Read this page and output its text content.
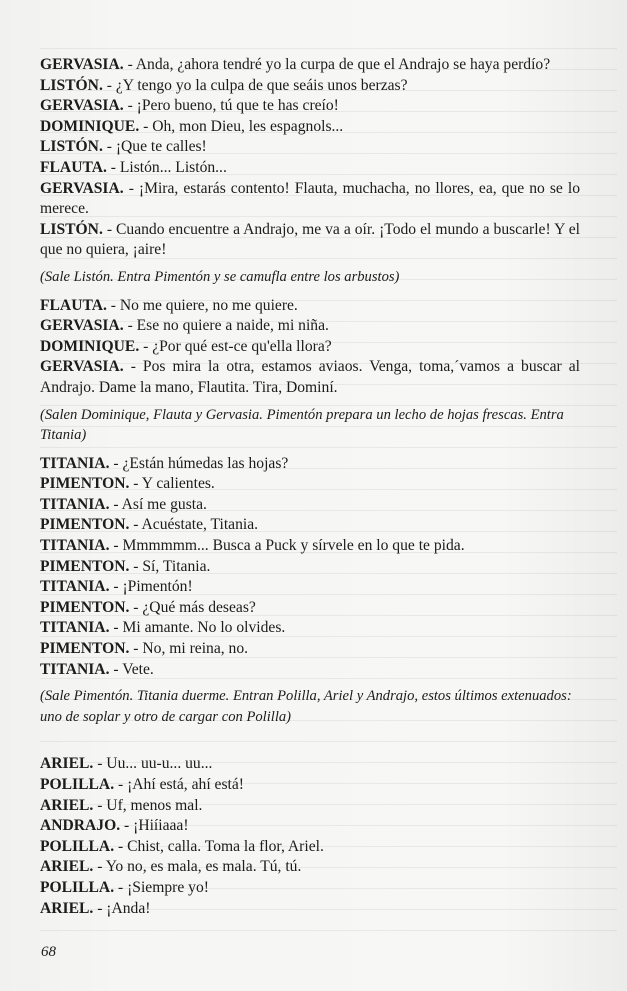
GERVASIA. - Anda, ¿ahora tendré yo la curpa de que el Andrajo se haya perdío?

LISTÓN. - ¿Y tengo yo la culpa de que seáis unos berzas?

GERVASIA. - ¡Pero bueno, tú que te has creío!

DOMINIQUE. - Oh, mon Dieu, les espagnols...

LISTÓN. - ¡Que te calles!

FLAUTA. - Listón... Listón...

GERVASIA. - ¡Mira, estarás contento! Flauta, muchacha, no llores, ea, que no se lo merece.

LISTÓN. - Cuando encuentre a Andrajo, me va a oír. ¡Todo el mundo a buscarle! Y el que no quiera, ¡aire!

(Sale Listón. Entra Pimentón y se camufla entre los arbustos)

FLAUTA. - No me quiere, no me quiere.

GERVASIA. - Ese no quiere a naide, mi niña.

DOMINIQUE. - ¿Por qué est-ce qu'ella llora?

GERVASIA. - Pos mira la otra, estamos aviaos. Venga, toma,´vamos a buscar al Andrajo. Dame la mano, Flautita. Tira, Dominí.

(Salen Dominique, Flauta y Gervasia. Pimentón prepara un lecho de hojas frescas. Entra Titania)

TITANIA. - ¿Están húmedas las hojas?

PIMENTON. - Y calientes.

TITANIA. - Así me gusta.

PIMENTON. - Acuéstate, Titania.

TITANIA. - Mmmmmm... Busca a Puck y sírvele en lo que te pida.

PIMENTON. - Sí, Titania.

TITANIA. - ¡Pimentón!

PIMENTON. - ¿Qué más deseas?

TITANIA. - Mi amante. No lo olvides.

PIMENTON. - No, mi reina, no.

TITANIA. - Vete.

(Sale Pimentón. Titania duerme. Entran Polilla, Ariel y Andrajo, estos últimos extenuados: uno de soplar y otro de cargar con Polilla)

ARIEL. - Uu... uu-u... uu...

POLILLA. - ¡Ahí está, ahí está!

ARIEL. - Uf, menos mal.

ANDRAJO. - ¡Hiíiaaa!

POLILLA. - Chist, calla. Toma la flor, Ariel.

ARIEL. - Yo no, es mala, es mala. Tú, tú.

POLILLA. - ¡Siempre yo!

ARIEL. - ¡Anda!

68
